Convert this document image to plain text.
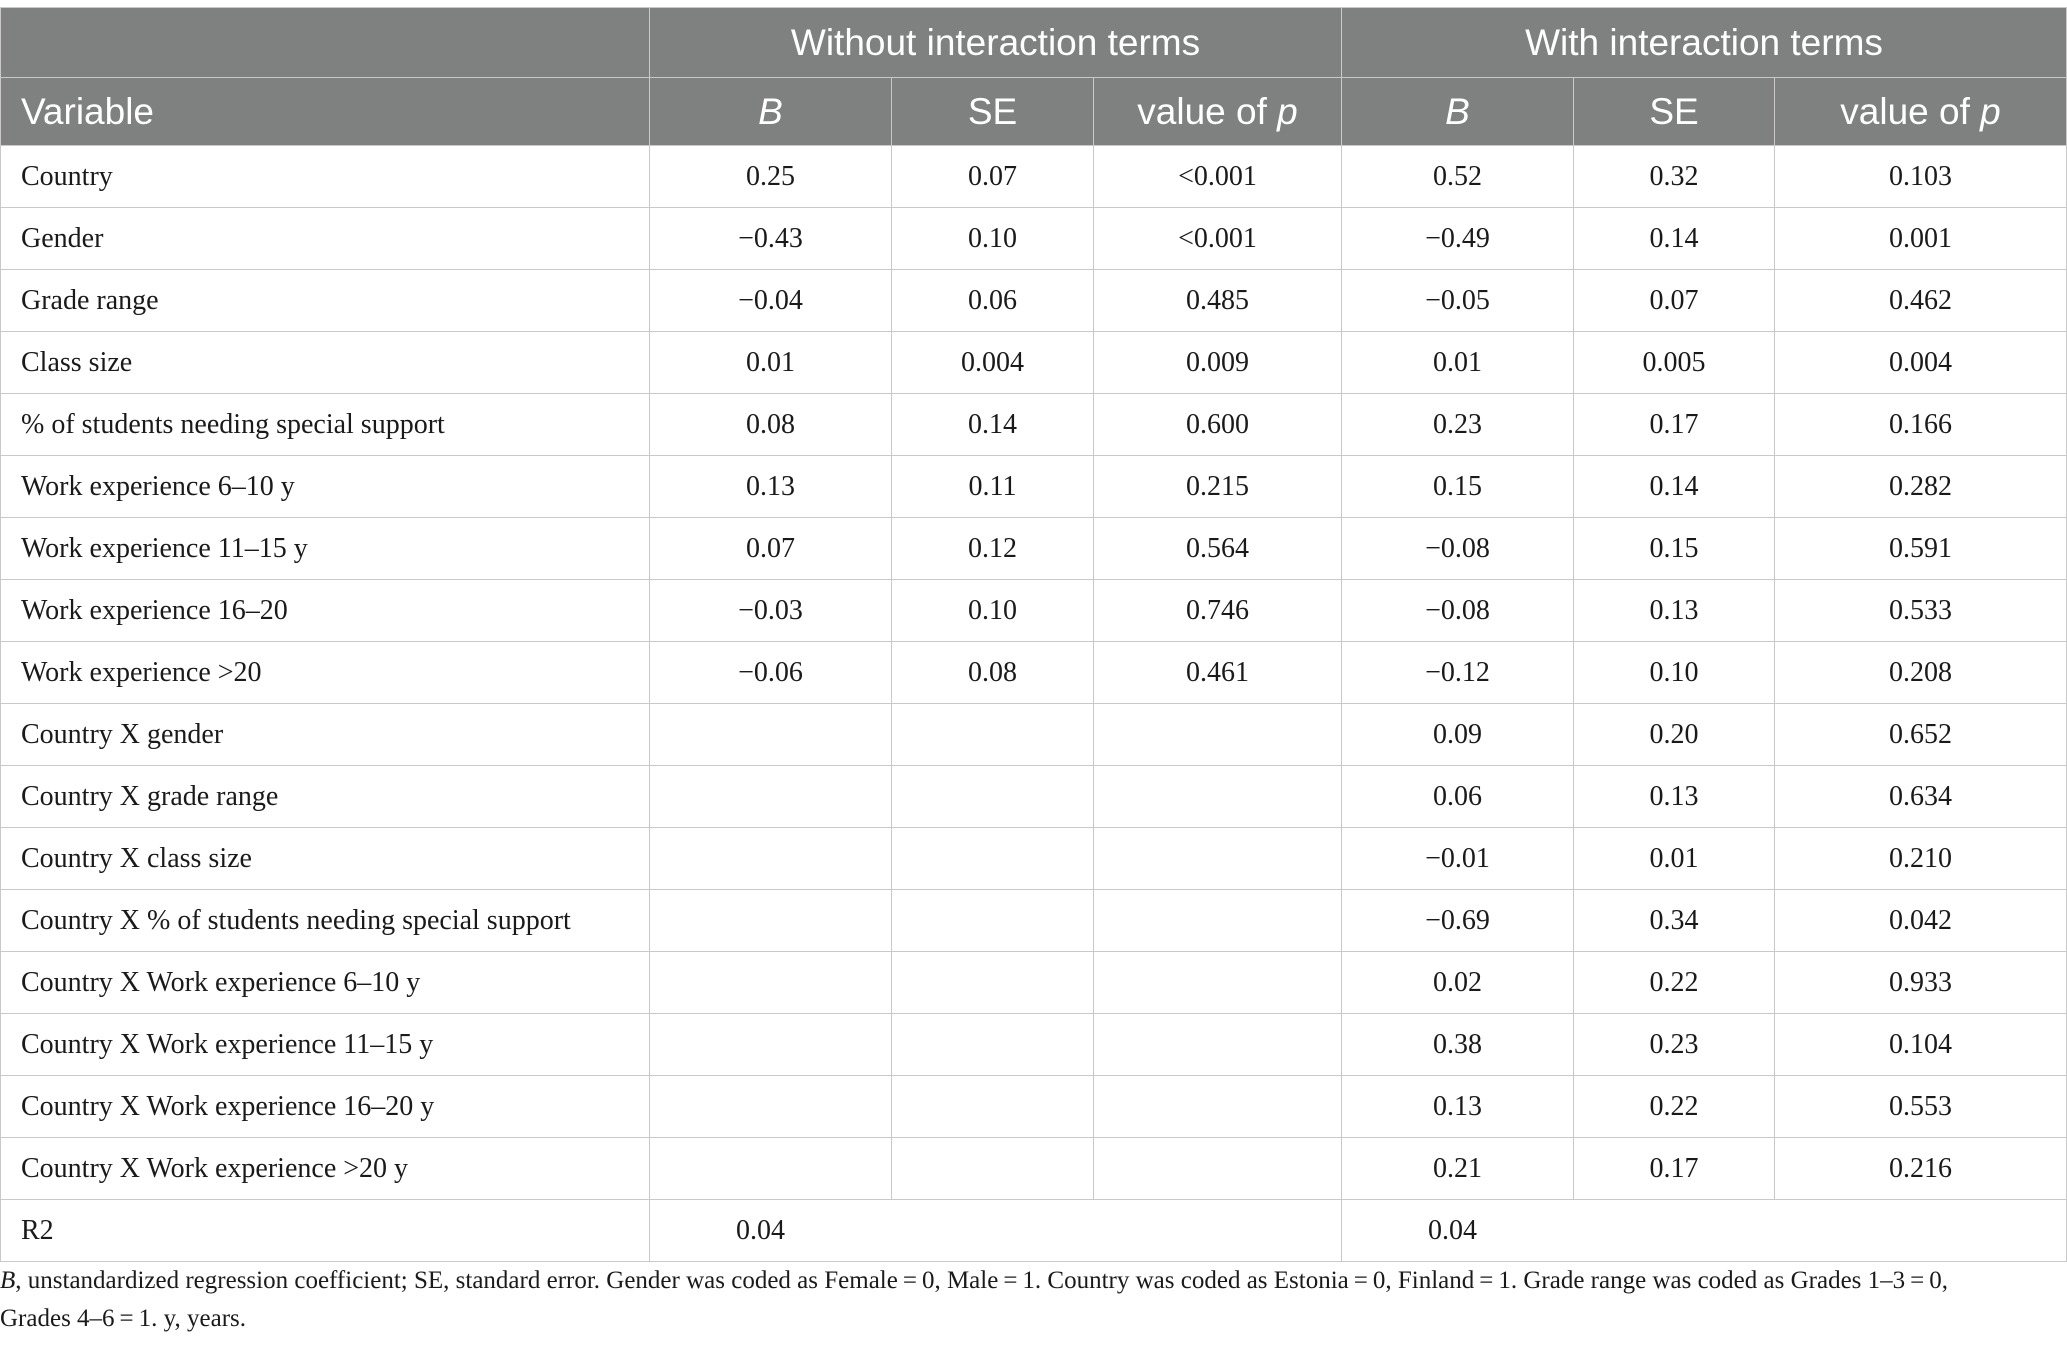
	Without interaction terms			With interaction terms		
Variable	B	SE	value of p	B	SE	value of p
Country	0.25	0.07	<0.001	0.52	0.32	0.103
Gender	−0.43	0.10	<0.001	−0.49	0.14	0.001
Grade range	−0.04	0.06	0.485	−0.05	0.07	0.462
Class size	0.01	0.004	0.009	0.01	0.005	0.004
% of students needing special support	0.08	0.14	0.600	0.23	0.17	0.166
Work experience 6–10 y	0.13	0.11	0.215	0.15	0.14	0.282
Work experience 11–15 y	0.07	0.12	0.564	−0.08	0.15	0.591
Work experience 16–20	−0.03	0.10	0.746	−0.08	0.13	0.533
Work experience >20	−0.06	0.08	0.461	−0.12	0.10	0.208
Country X gender				0.09	0.20	0.652
Country X grade range				0.06	0.13	0.634
Country X class size				−0.01	0.01	0.210
Country X % of students needing special support				−0.69	0.34	0.042
Country X Work experience 6–10 y				0.02	0.22	0.933
Country X Work experience 11–15 y				0.38	0.23	0.104
Country X Work experience 16–20 y				0.13	0.22	0.553
Country X Work experience >20 y				0.21	0.17	0.216
R2	0.04			0.04		
B, unstandardized regression coefficient; SE, standard error. Gender was coded as Female = 0, Male = 1. Country was coded as Estonia = 0, Finland = 1. Grade range was coded as Grades 1–3 = 0,
Grades 4–6 = 1. y, years.
